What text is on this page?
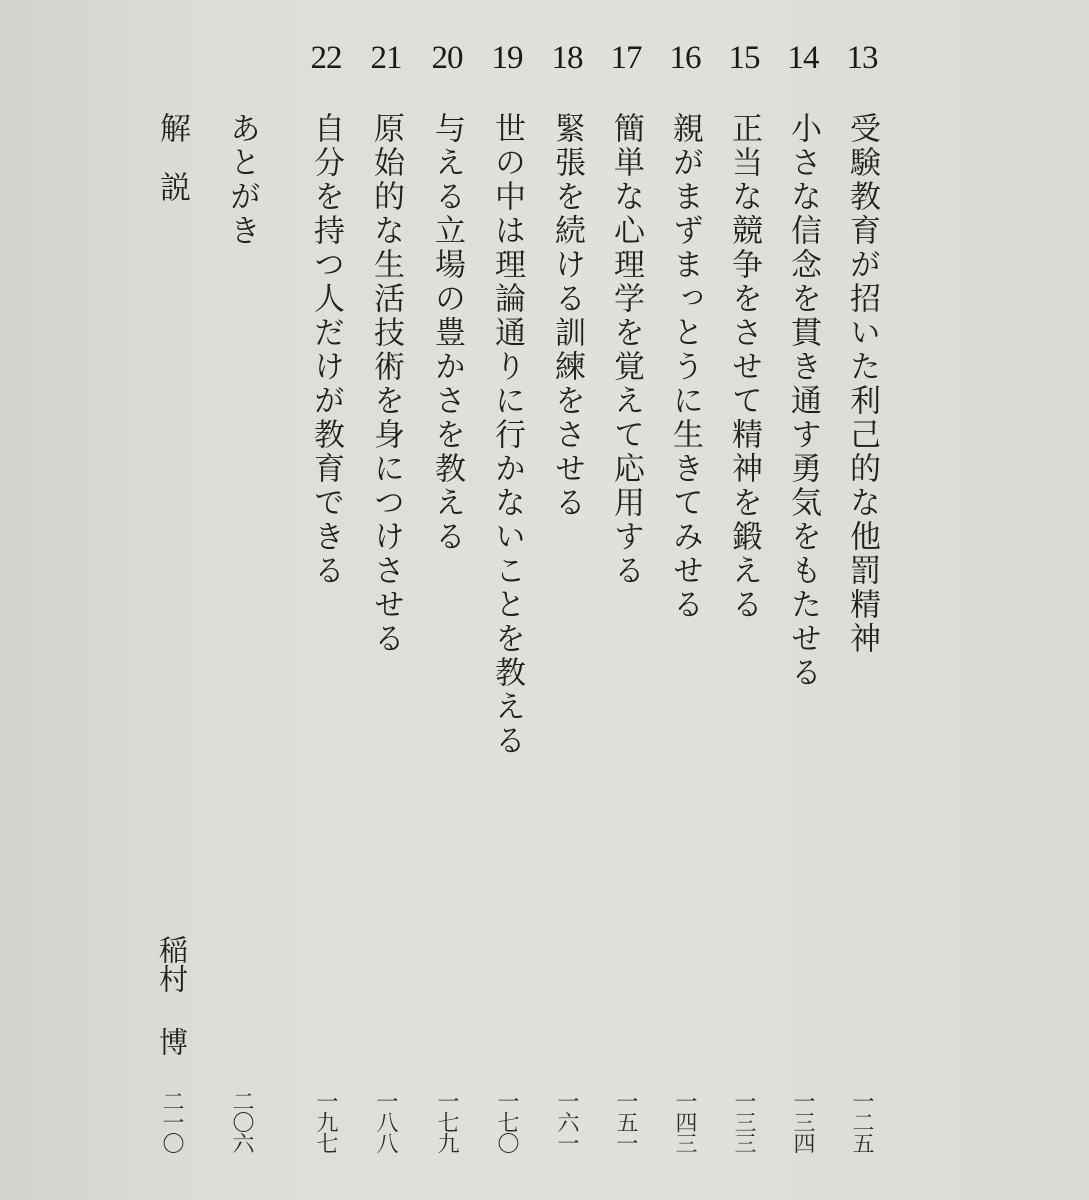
13
受験教育が招いた利己的な他罰精神
一二五
14
小さな信念を貫き通す勇気をもたせる
一三四
15
正当な競争をさせて精神を鍛える
一三三
16
親がまずまっとうに生きてみせる
一四三
17
簡単な心理学を覚えて応用する
一五一
18
緊張を続ける訓練をさせる
一六一
19
世の中は理論通りに行かないことを教える
一七〇
20
与える立場の豊かさを教える
一七九
21
原始的な生活技術を身につけさせる
一八八
22
自分を持つ人だけが教育できる
一九七
あとがき
二〇六
解説
稲村博
二一〇
